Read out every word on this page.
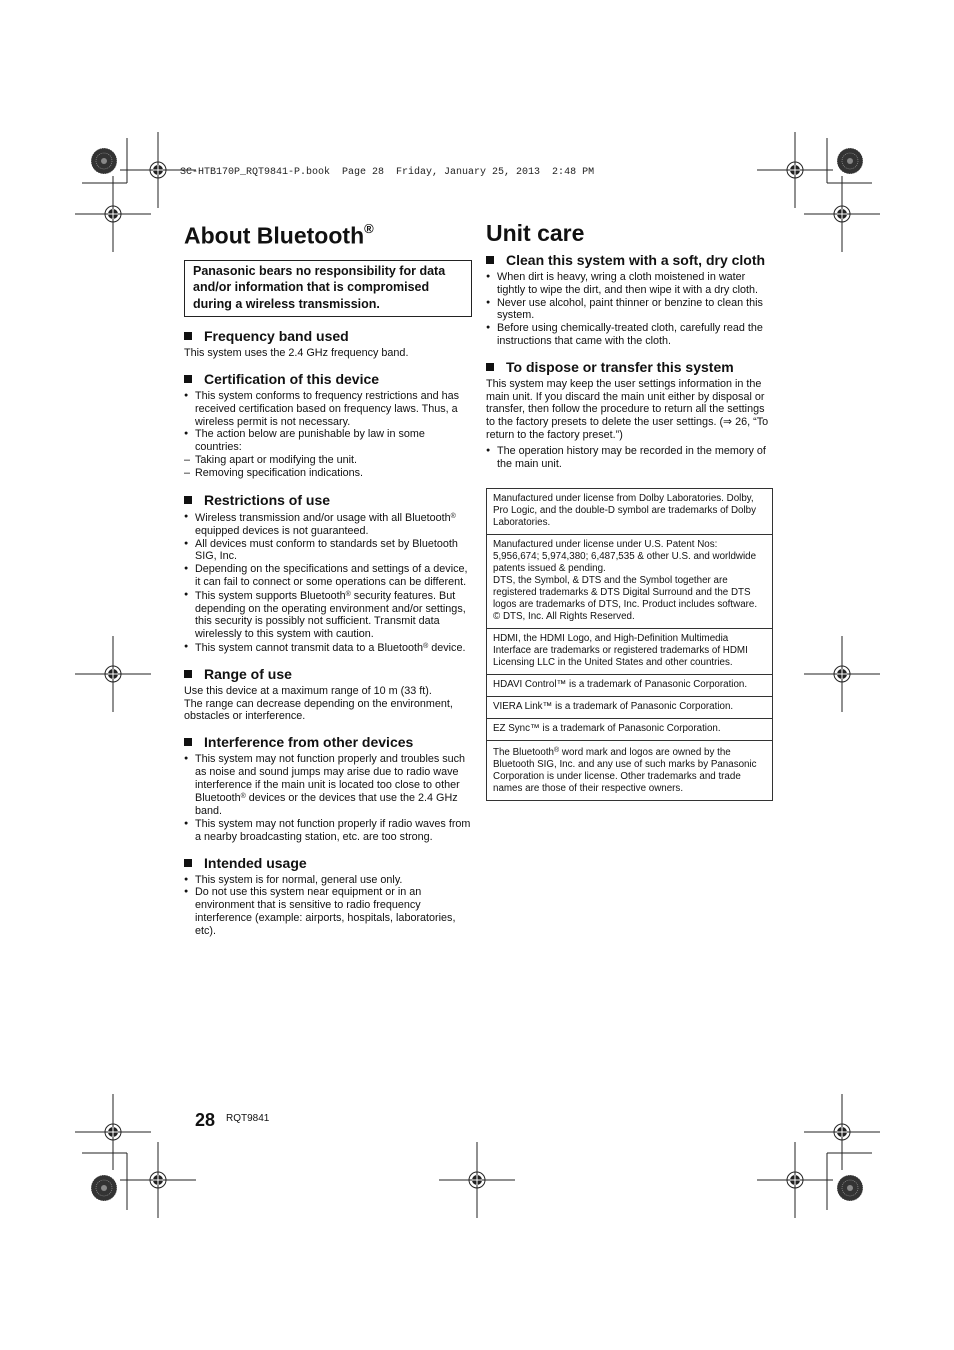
SC-HTB170P_RQT9841-P.book  Page 28  Friday, January 25, 2013  2:48 PM
About Bluetooth®
Panasonic bears no responsibility for data and/or information that is compromised during a wireless transmission.
Frequency band used

This system uses the 2.4 GHz frequency band.

Certification of this device
● This system conforms to frequency restrictions and has received certification based on frequency laws. Thus, a wireless permit is not necessary.
● The action below are punishable by law in some countries:
– Taking apart or modifying the unit.
– Removing specification indications.
Restrictions of use
● Wireless transmission and/or usage with all Bluetooth® equipped devices is not guaranteed.
● All devices must conform to standards set by Bluetooth SIG, Inc.
● Depending on the specifications and settings of a device, it can fail to connect or some operations can be different.
● This system supports Bluetooth® security features. But depending on the operating environment and/or settings, this security is possibly not sufficient. Transmit data wirelessly to this system with caution.
● This system cannot transmit data to a Bluetooth® device.
Range of use

Use this device at a maximum range of 10 m (33 ft).

The range can decrease depending on the environment, obstacles or interference.

Interference from other devices
● This system may not function properly and troubles such as noise and sound jumps may arise due to radio wave interference if the main unit is located too close to other Bluetooth® devices or the devices that use the 2.4 GHz band.
● This system may not function properly if radio waves from a nearby broadcasting station, etc. are too strong.
Intended usage
● This system is for normal, general use only.
● Do not use this system near equipment or in an environment that is sensitive to radio frequency interference (example: airports, hospitals, laboratories, etc).
Unit care
Clean this system with a soft, dry cloth
● When dirt is heavy, wring a cloth moistened in water tightly to wipe the dirt, and then wipe it with a dry cloth.
● Never use alcohol, paint thinner or benzine to clean this system.
● Before using chemically-treated cloth, carefully read the instructions that came with the cloth.
To dispose or transfer this system

This system may keep the user settings information in the main unit. If you discard the main unit either by disposal or transfer, then follow the procedure to return all the settings to the factory presets to delete the user settings. (⇒ 26, “To return to the factory preset.”)

● The operation history may be recorded in the memory of the main unit.
Manufactured under license from Dolby Laboratories. Dolby, Pro Logic, and the double-D symbol are trademarks of Dolby Laboratories.
Manufactured under license under U.S. Patent Nos: 5,956,674; 5,974,380; 6,487,535 & other U.S. and worldwide patents issued & pending.
DTS, the Symbol, & DTS and the Symbol together are registered trademarks & DTS Digital Surround and the DTS logos are trademarks of DTS, Inc. Product includes software.
© DTS, Inc. All Rights Reserved.
HDMI, the HDMI Logo, and High-Definition Multimedia Interface are trademarks or registered trademarks of HDMI Licensing LLC in the United States and other countries.
HDAVI Control™ is a trademark of Panasonic Corporation.
VIERA Link™ is a trademark of Panasonic Corporation.
EZ Sync™ is a trademark of Panasonic Corporation.
The Bluetooth® word mark and logos are owned by the Bluetooth SIG, Inc. and any use of such marks by Panasonic Corporation is under license. Other trademarks and trade names are those of their respective owners.
28 RQT9841
